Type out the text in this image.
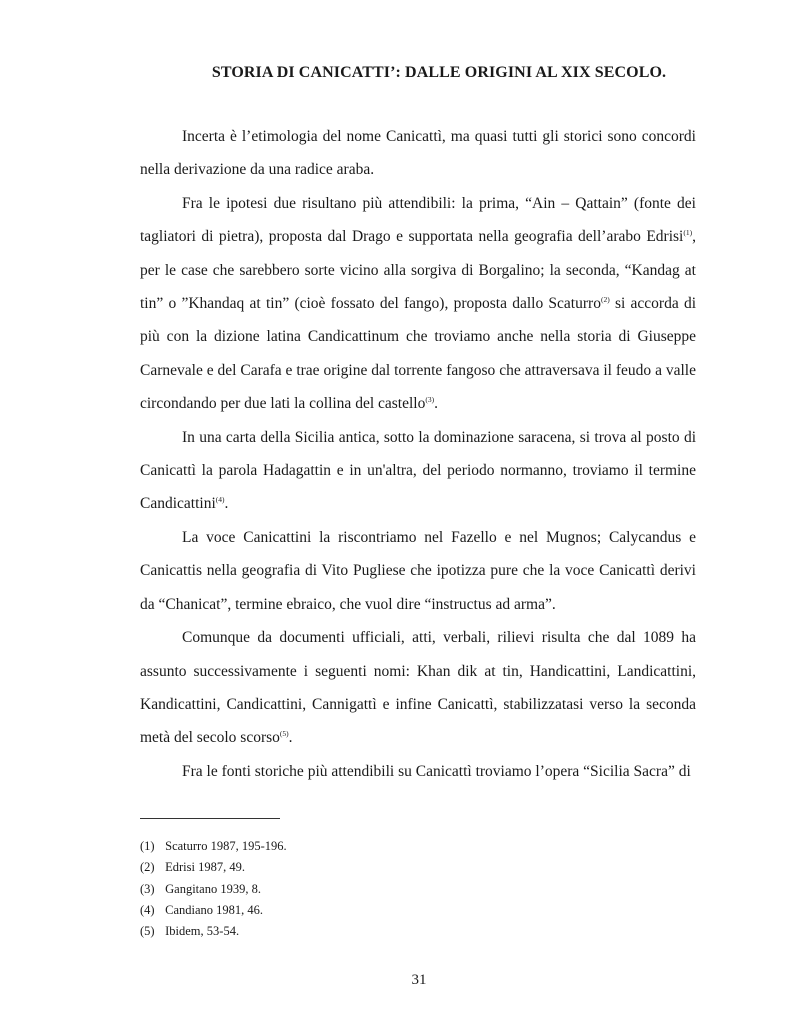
STORIA DI CANICATTI’: DALLE ORIGINI AL XIX SECOLO.

Incerta è l’etimologia del nome Canicattì, ma quasi tutti gli storici sono concordi nella derivazione da una radice araba.

Fra le ipotesi due risultano più attendibili: la prima, “Ain – Qattain” (fonte dei tagliatori di pietra), proposta dal Drago e supportata nella geografia dell’arabo Edrisi$^{(1)}$, per le case che sarebbero sorte vicino alla sorgiva di Borgalino; la seconda, “Kandag at tin” o ”Khandaq at tin” (cioè fossato del fango), proposta dallo Scaturro$^{(2)}$ si accorda di più con la dizione latina Candicattinum che troviamo anche nella storia di Giuseppe Carnevale e del Carafa e trae origine dal torrente fangoso che attraversava il feudo a valle circondando per due lati la collina del castello$^{(3)}$.

In una carta della Sicilia antica, sotto la dominazione saracena, si trova al posto di Canicattì la parola Hadagattin e in un'altra, del periodo normanno, troviamo il termine Candicattini$^{(4)}$.

La voce Canicattini la riscontriamo nel Fazello e nel Mugnos; Calycandus e Canicattis nella geografia di Vito Pugliese che ipotizza pure che la voce Canicattì derivi da “Chanicat”, termine ebraico, che vuol dire “instructus ad arma”.

Comunque da documenti ufficiali, atti, verbali, rilievi risulta che dal 1089 ha assunto successivamente i seguenti nomi: Khan dik at tin, Handicattini, Landicattini, Kandicattini, Candicattini, Cannigattì e infine Canicattì, stabilizzatasi verso la seconda metà del secolo scorso$^{(5)}$.

Fra le fonti storiche più attendibili su Canicattì troviamo l’opera “Sicilia Sacra” di

(1) Scaturro 1987, 195-196.
(2) Edrisi 1987, 49.
(3) Gangitano 1939, 8.
(4) Candiano 1981, 46.
(5) Ibidem, 53-54.
31
